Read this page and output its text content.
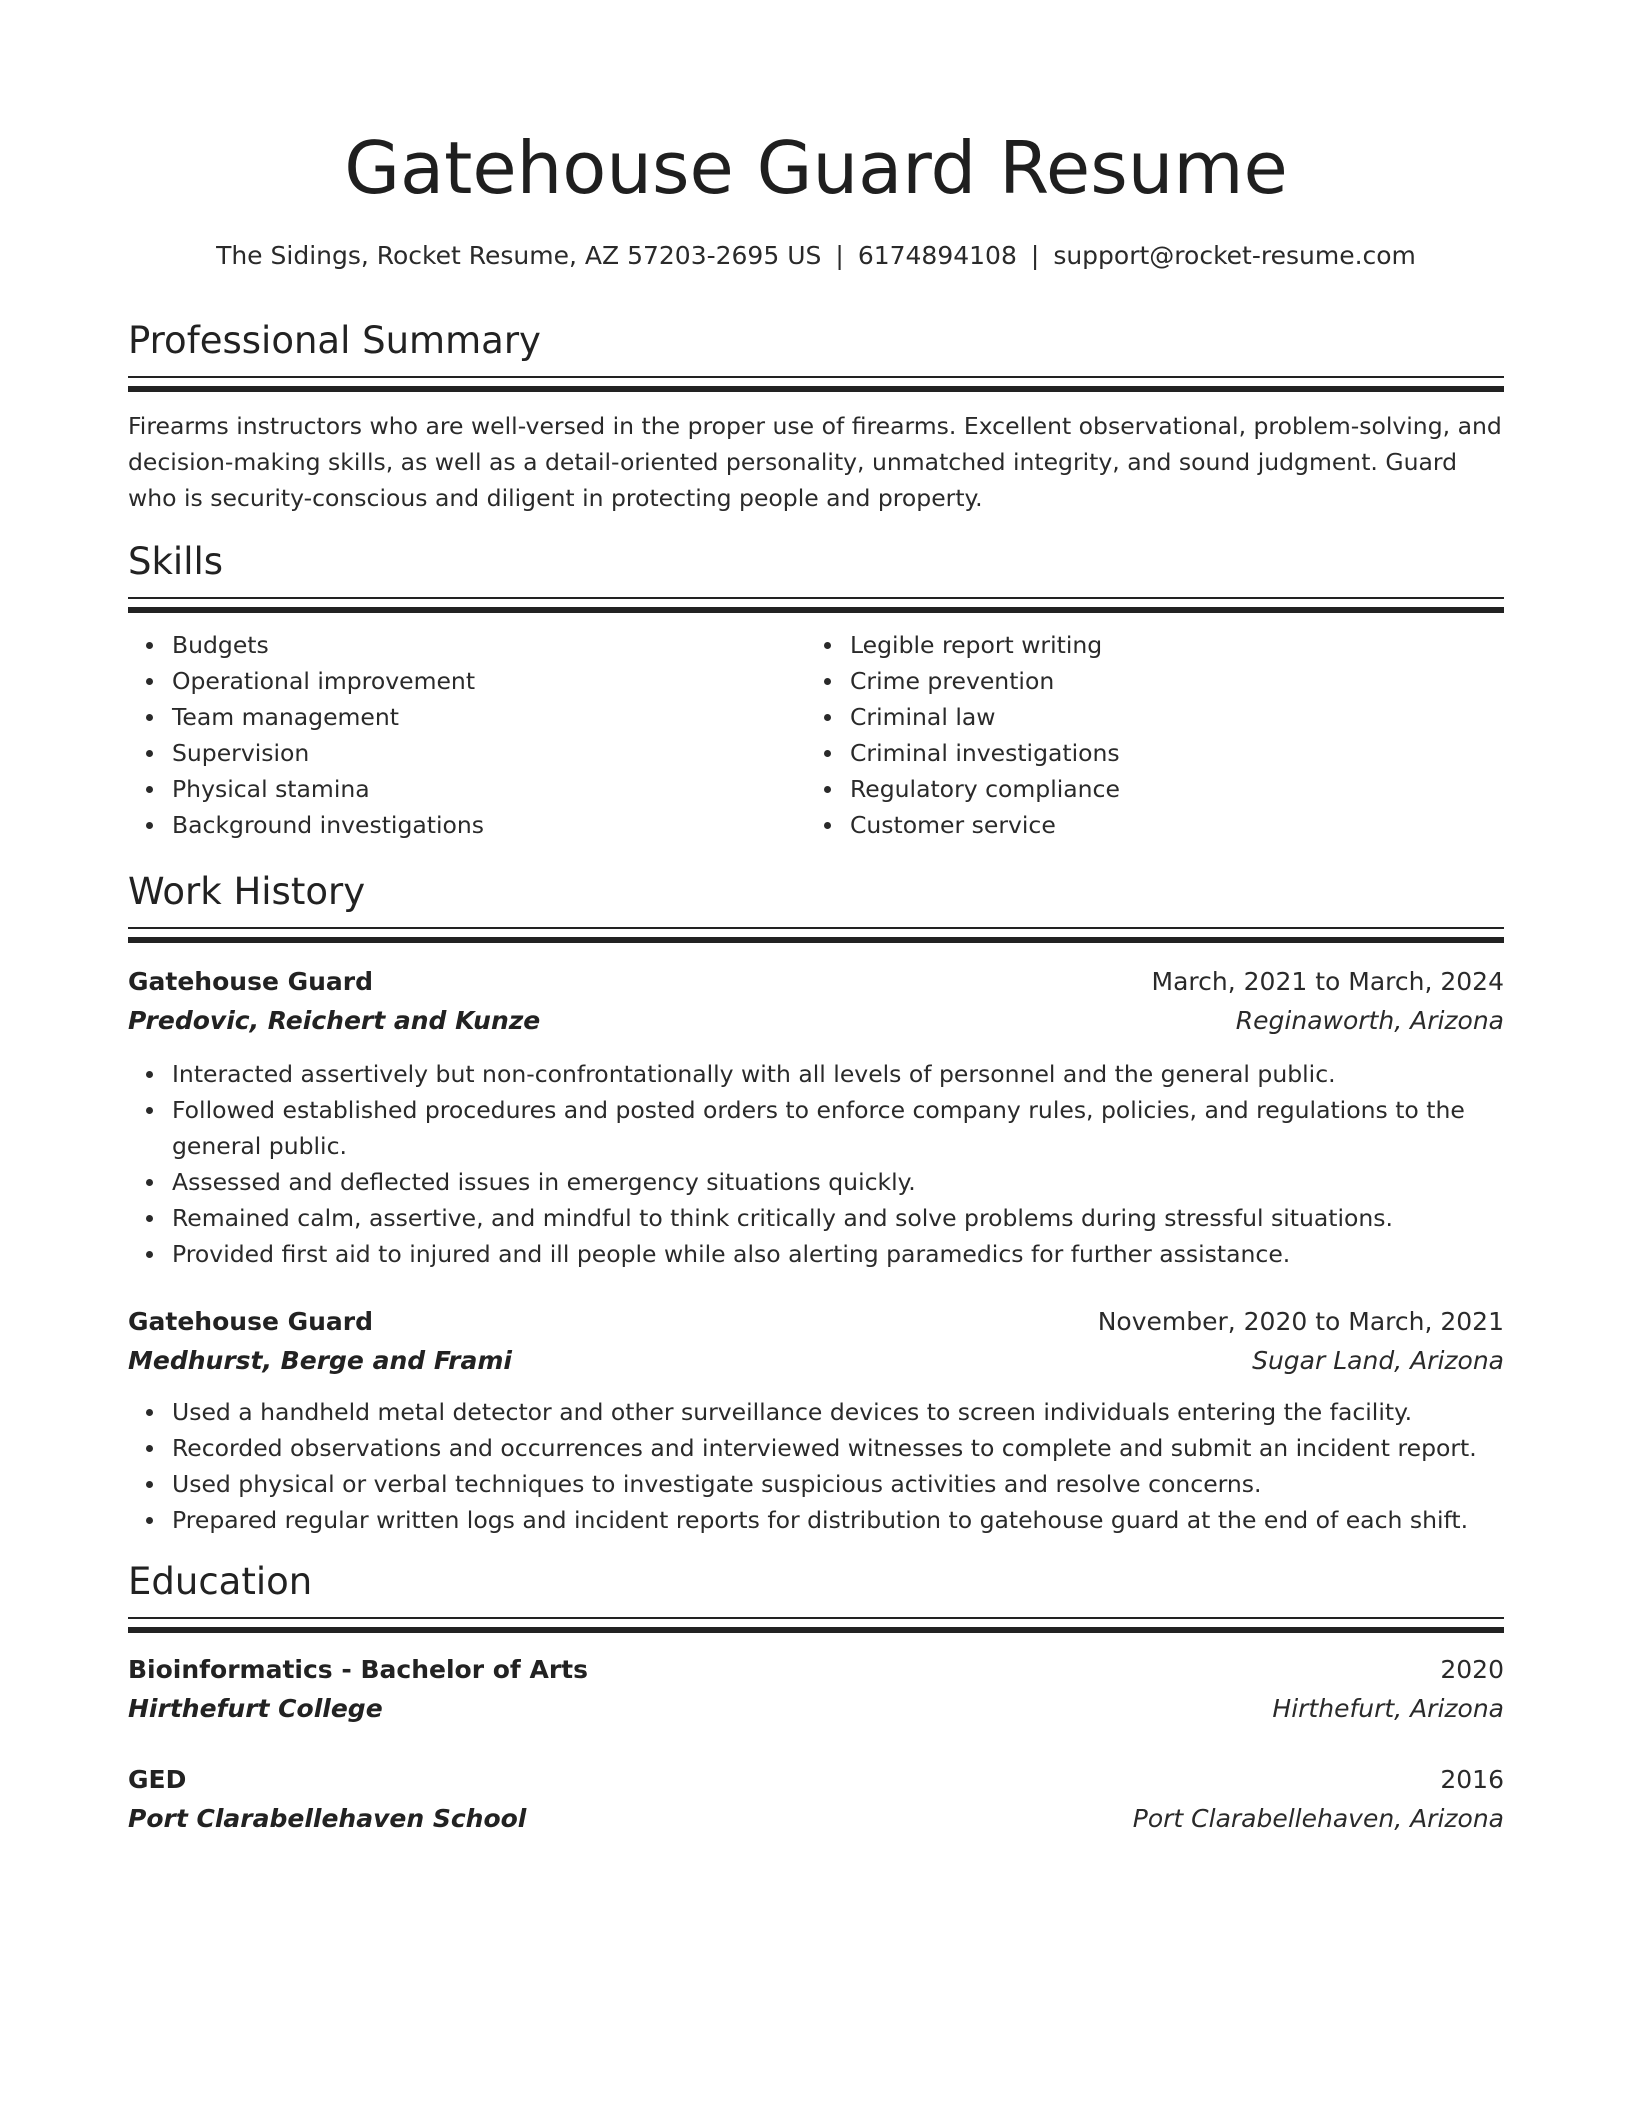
Gatehouse Guard Resume
The Sidings, Rocket Resume, AZ 57203-2695 US | 6174894108 | support@rocket-resume.com
Professional Summary

Firearms instructors who are well-versed in the proper use of firearms. Excellent observational, problem-solving, and decision-making skills, as well as a detail-oriented personality, unmatched integrity, and sound judgment. Guard who is security-conscious and diligent in protecting people and property.

Skills
Budgets
Operational improvement
Team management
Supervision
Physical stamina
Background investigations
Legible report writing
Crime prevention
Criminal law
Criminal investigations
Regulatory compliance
Customer service
Work History
Gatehouse Guard	March, 2021 to March, 2024
Predovic, Reichert and Kunze	Reginaworth, Arizona
Interacted assertively but non-confrontationally with all levels of personnel and the general public.
Followed established procedures and posted orders to enforce company rules, policies, and regulations to the general public.
Assessed and deflected issues in emergency situations quickly.
Remained calm, assertive, and mindful to think critically and solve problems during stressful situations.
Provided first aid to injured and ill people while also alerting paramedics for further assistance.
Gatehouse Guard	November, 2020 to March, 2021
Medhurst, Berge and Frami	Sugar Land, Arizona
Used a handheld metal detector and other surveillance devices to screen individuals entering the facility.
Recorded observations and occurrences and interviewed witnesses to complete and submit an incident report.
Used physical or verbal techniques to investigate suspicious activities and resolve concerns.
Prepared regular written logs and incident reports for distribution to gatehouse guard at the end of each shift.
Education
Bioinformatics - Bachelor of Arts	2020
Hirthefurt College	Hirthefurt, Arizona
GED	2016
Port Clarabellehaven School	Port Clarabellehaven, Arizona
